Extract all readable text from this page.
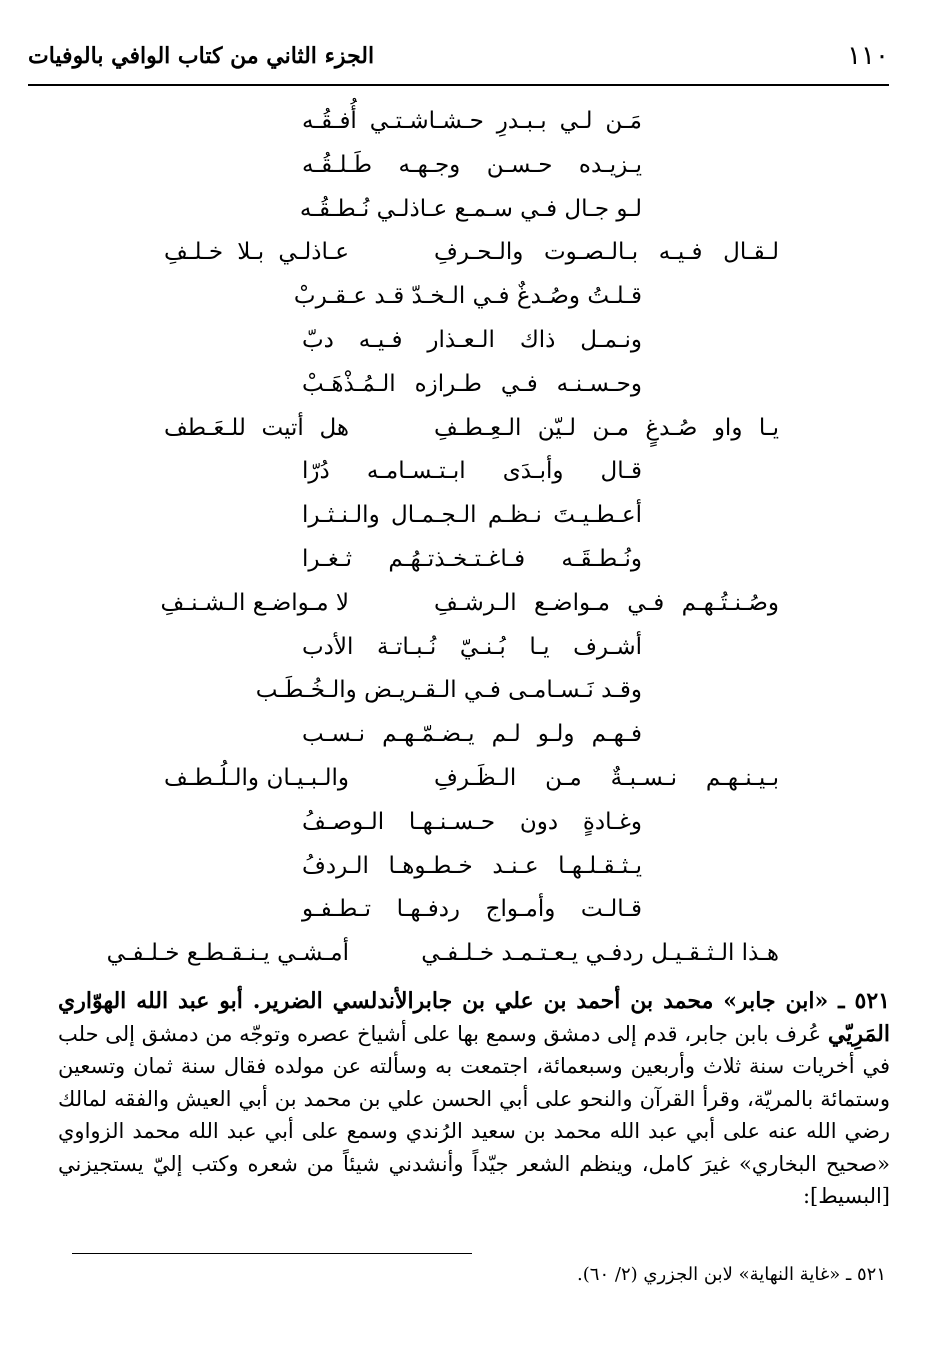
١١٠
الجزء الثاني من كتاب الوافي بالوفيات
مَـن لـي بـبـدرِ حـشـاشـتـي أُفـقُـه
يـزيـده حـسـن وجـهـه طَـلـقُـه
لـو جـال فـي سـمـع عـاذلـي نُـطـقُـه
لـقـال فـيـه بـالـصـوت والـحـرفِ
عـاذلـي بـلا خـلـفِ
قـلـتُ وصُـدغٌ فـي الـخـدّ قـد عـقـربْ
ونـمـل ذاك الـعـذار فـيـه دبّ
وحـسـنـه فـي طـرازه الـمُـذْهَـبْ
يـا واو صُـدغٍ مـن لـيّن الـعِـطـفِ
هل أتيت للـعَـطف
قـال وأبـدَى ابـتـسـامـه دُرّا
أعـطـيـتَ نـظـم الـجـمـال والـنـثـرا
ونُـطـقَـه فـاغـتـخـذتـهُـم ثـغـرا
وصُـنـتُـهـم فـي مـواضـع الـرشـفِ
لا مـواضـع الـشـنـفِ
أشـرف يـا بُـنـيّ نُـبـاتـة الأدب
وقـد نَـسـامـى فـي الـقـريـض والـخُـطَـب
فـهـم ولـو لـم يـضـمّـهـم نـسـب
بـيـنـهـم نـسـبـةٌ مـن الـظَـرفِ
والـبـيـان والـلُـطـف
وغـادةٍ دون حـسـنـهـا الـوصـفُ
يـثـقـلـهـا عـنـد خـطـوهـا الـردفُ
قـالـت وأمـواج ردفـهـا تـطـفـو
هـذا الـثـقـيـل ردفـي يـعـتـمـد خـلـفـي
أمـشـي يـنـقـطـع خـلـفـي
٥٢١ ـ «ابن جابر» محمد بن أحمد بن علي بن جابرالأندلسي الضرير. أبو عبد الله الهوّاري المَرِيّي عُرف بابن جابر، قدم إلى دمشق وسمع بها على أشياخ عصره وتوجّه من دمشق إلى حلب في أخريات سنة ثلاث وأربعين وسبعمائة، اجتمعت به وسألته عن مولده فقال سنة ثمان وتسعين وستمائة بالمريّة، وقرأ القرآن والنحو على أبي الحسن علي بن محمد بن أبي العيش والفقه لمالك رضي الله عنه على أبي عبد الله محمد بن سعيد الرُندي وسمع على أبي عبد الله محمد الزواوي «صحيح البخاري» غيرَ كامل، وينظم الشعر جيّداً وأنشدني شيئاً من شعره وكتب إليّ يستجيزني [البسيط]:
٥٢١ ـ «غاية النهاية» لابن الجزري (٢/ ٦٠).
